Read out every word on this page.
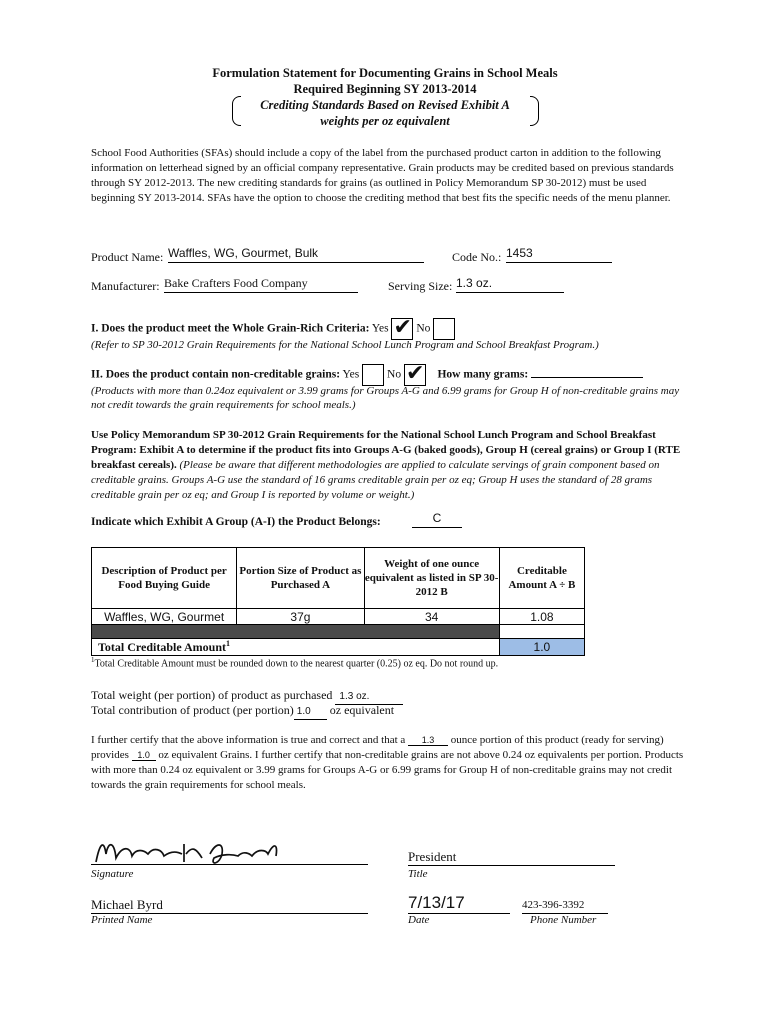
Formulation Statement for Documenting Grains in School Meals
Required Beginning SY 2013-2014
Crediting Standards Based on Revised Exhibit A
weights per oz equivalent
School Food Authorities (SFAs) should include a copy of the label from the purchased product carton in addition to the following information on letterhead signed by an official company representative. Grain products may be credited based on previous standards through SY 2012-2013. The new crediting standards for grains (as outlined in Policy Memorandum SP 30-2012) must be used beginning SY 2013-2014. SFAs have the option to choose the crediting method that best fits the specific needs of the menu planner.
Product Name: Waffles, WG, Gourmet, Bulk	Code No.: 1453
Manufacturer: Bake Crafters Food Company	Serving Size: 1.3 oz.
I. Does the product meet the Whole Grain-Rich Criteria: Yes ✔ No
(Refer to SP 30-2012 Grain Requirements for the National School Lunch Program and School Breakfast Program.)
II. Does the product contain non-creditable grains: Yes No ✔ How many grams:
(Products with more than 0.24oz equivalent or 3.99 grams for Groups A-G and 6.99 grams for Group H of non-creditable grains may not credit towards the grain requirements for school meals.)
Use Policy Memorandum SP 30-2012 Grain Requirements for the National School Lunch Program and School Breakfast Program: Exhibit A to determine if the product fits into Groups A-G (baked goods), Group H (cereal grains) or Group I (RTE breakfast cereals). (Please be aware that different methodologies are applied to calculate servings of grain component based on creditable grains. Groups A-G use the standard of 16 grams creditable grain per oz eq; Group H uses the standard of 28 grams creditable grain per oz eq; and Group I is reported by volume or weight.)
Indicate which Exhibit A Group (A-I) the Product Belongs:	C
Description of Product per Food Buying Guide	Portion Size of Product as Purchased A	Weight of one ounce equivalent as listed in SP 30-2012 B	Creditable Amount A ÷ B
Waffles, WG, Gourmet	37g	34	1.08

Total Creditable Amount$^1$			1.0
$^1$Total Creditable Amount must be rounded down to the nearest quarter (0.25) oz eq. Do not round up.
Total weight (per portion) of product as purchased 1.3 oz.
Total contribution of product (per portion) 1.0 oz equivalent
I further certify that the above information is true and correct and that a 1.3 ounce portion of this product (ready for serving) provides 1.0 oz equivalent Grains. I further certify that non-creditable grains are not above 0.24 oz equivalents per portion. Products with more than 0.24 oz equivalent or 3.99 grams for Groups A-G or 6.99 grams for Group H of non-creditable grains may not credit towards the grain requirements for school meals.
Signature
President
Title
Michael Byrd
Printed Name
7/13/17
Date
423-396-3392
Phone Number
